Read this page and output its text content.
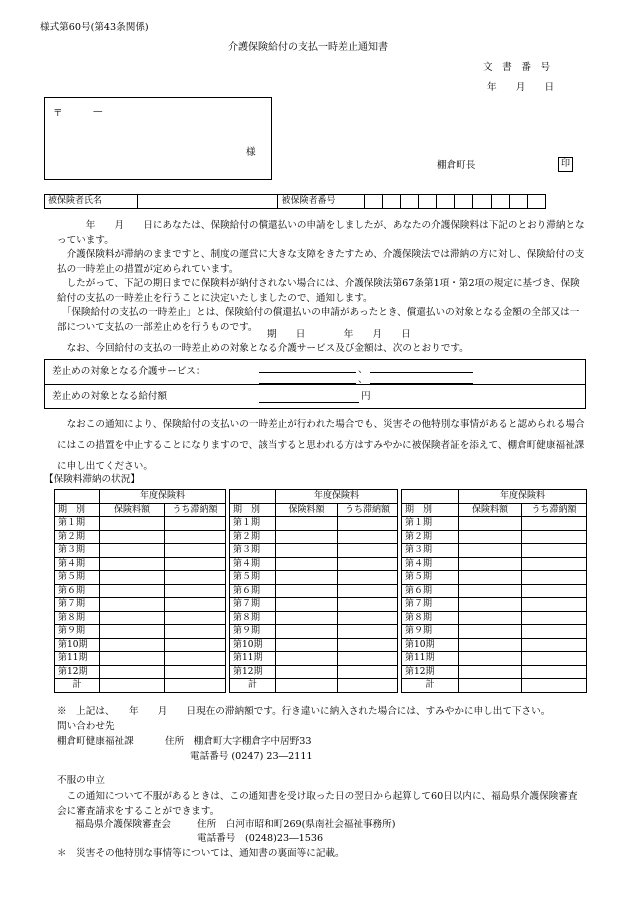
様式第60号(第43条関係)
介護保険給付の支払一時差止通知書
文　書　番　号
年　　月　　日
〒	—
様
棚倉町長	印
被保険者氏名		被保険者番号										
　　　年　　月　　日にあなたは、保険給付の償還払いの申請をしましたが、あなたの介護保険料は下記のとおり滞納となっています。
　介護保険料が滞納のままですと、制度の運営に大きな支障をきたすため、介護保険法では滞納の方に対し、保険給付の支払の一時差止の措置が定められています。
　したがって、下記の期日までに保険料が納付されない場合には、介護保険法第67条第1項・第2項の規定に基づき、保険給付の支払の一時差止を行うことに決定いたしましたので、通知します。
　「保険給付の支払の一時差止」とは、保険給付の償還払いの申請があったとき、償還払いの対象となる金額の全部又は一部について支払の一部差止めを行うものです。
期　　日　　　　年　　月　　日
　なお、今回給付の支払の一時差止めの対象となる介護サービス及び金額は、次のとおりです。
差止めの対象となる介護サービス：	、
、
差止めの対象となる給付額	円
　なおこの通知により、保険給付の支払いの一時差止が行われた場合でも、災害その他特別な事情があると認められる場合にはこの措置を中止することになりますので、該当すると思われる方はすみやかに被保険者証を添えて、棚倉町健康福祉課に申し出てください。
【保険料滞納の状況】
	年度保険料	
期　別	保険料額	うち滞納額
第１期		
第２期		
第３期		
第４期		
第５期		
第６期		
第７期		
第８期		
第９期		
第10期		
第11期		
第12期		
計		
	年度保険料	
期　別	保険料額	うち滞納額
第１期		
第２期		
第３期		
第４期		
第５期		
第６期		
第７期		
第８期		
第９期		
第10期		
第11期		
第12期		
計		
	年度保険料	
期　別	保険料額	うち滞納額
第１期		
第２期		
第３期		
第４期		
第５期		
第６期		
第７期		
第８期		
第９期		
第10期		
第11期		
第12期		
計		
※　上記は、　　年　　月　　日現在の滞納額です。行き違いに納入された場合には、すみやかに申し出て下さい。
問い合わせ先
棚倉町健康福祉課	住所　棚倉町大字棚倉字中居野33
電話番号 (0247) 23―2111
不服の申立
　この通知について不服があるときは、この通知書を受け取った日の翌日から起算して60日以内に、福島県介護保険審査会に審査請求をすることができます。
福島県介護保険審査会	住所　白河市昭和町269(県南社会福祉事務所)
電話番号　(0248)23―1536
＊　災害その他特別な事情等については、通知書の裏面等に記載。
